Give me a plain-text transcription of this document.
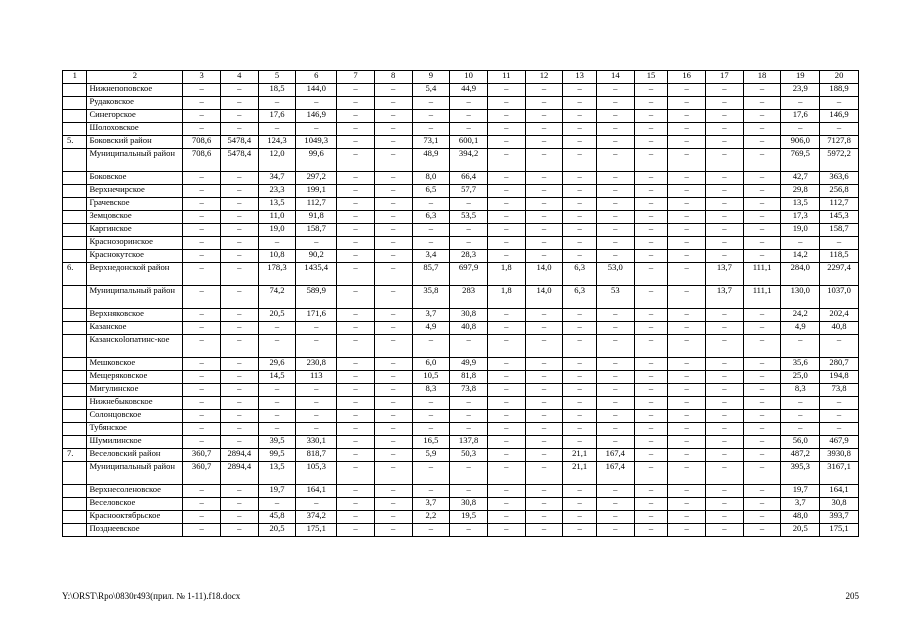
1	2	3	4	5	6	7	8	9	10	11	12	13	14	15	16	17	18	19	20
	Нижнепоповское	–	–	18,5	144,0	–	–	5,4	44,9	–	–	–	–	–	–	–	–	23,9	188,9
	Рудаковское	–	–	–	–	–	–	–	–	–	–	–	–	–	–	–	–	–	–
	Синегорское	–	–	17,6	146,9	–	–	–	–	–	–	–	–	–	–	–	–	17,6	146,9
	Шолоховское	–	–	–	–	–	–	–	–	–	–	–	–	–	–	–	–	–	–
5.	Боковский район	708,6	5478,4	124,3	1049,3	–	–	73,1	600,1	–	–	–	–	–	–	–	–	906,0	7127,8
	Муниципальный район	708,6	5478,4	12,0	99,6	–	–	48,9	394,2	–	–	–	–	–	–	–	–	769,5	5972,2
	Боковское	–	–	34,7	297,2	–	–	8,0	66,4	–	–	–	–	–	–	–	–	42,7	363,6
	Верхнечирское	–	–	23,3	199,1	–	–	6,5	57,7	–	–	–	–	–	–	–	–	29,8	256,8
	Грачевское	–	–	13,5	112,7	–	–	–	–	–	–	–	–	–	–	–	–	13,5	112,7
	Земцовское	–	–	11,0	91,8	–	–	6,3	53,5	–	–	–	–	–	–	–	–	17,3	145,3
	Каргинское	–	–	19,0	158,7	–	–	–	–	–	–	–	–	–	–	–	–	19,0	158,7
	Краснозоринское	–	–	–	–	–	–	–	–	–	–	–	–	–	–	–	–	–	–
	Краснокутское	–	–	10,8	90,2	–	–	3,4	28,3	–	–	–	–	–	–	–	–	14,2	118,5
6.	Верхнедонской район	–	–	178,3	1435,4	–	–	85,7	697,9	1,8	14,0	6,3	53,0	–	–	13,7	111,1	284,0	2297,4
	Муниципальный район	–	–	74,2	589,9	–	–	35,8	283	1,8	14,0	6,3	53	–	–	13,7	111,1	130,0	1037,0
	Верхняковское	–	–	20,5	171,6	–	–	3,7	30,8	–	–	–	–	–	–	–	–	24,2	202,4
	Казанское	–	–	–	–	–	–	4,9	40,8	–	–	–	–	–	–	–	–	4,9	40,8
	Казанскolопатинс-кое	–	–	–	–	–	–	–	–	–	–	–	–	–	–	–	–	–	–
	Мешковское	–	–	29,6	230,8	–	–	6,0	49,9	–	–	–	–	–	–	–	–	35,6	280,7
	Мещеряковское	–	–	14,5	113	–	–	10,5	81,8	–	–	–	–	–	–	–	–	25,0	194,8
	Мигулинское	–	–	–	–	–	–	8,3	73,8	–	–	–	–	–	–	–	–	8,3	73,8
	Нижнебыковское	–	–	–	–	–	–	–	–	–	–	–	–	–	–	–	–	–	–
	Солонцовское	–	–	–	–	–	–	–	–	–	–	–	–	–	–	–	–	–	–
	Тубянское	–	–	–	–	–	–	–	–	–	–	–	–	–	–	–	–	–	–
	Шумилинское	–	–	39,5	330,1	–	–	16,5	137,8	–	–	–	–	–	–	–	–	56,0	467,9
7.	Веселовский район	360,7	2894,4	99,5	818,7	–	–	5,9	50,3	–	–	21,1	167,4	–	–	–	–	487,2	3930,8
	Муниципальный район	360,7	2894,4	13,5	105,3	–	–	–	–	–	–	21,1	167,4	–	–	–	–	395,3	3167,1
	Верхнесоленовское	–	–	19,7	164,1	–	–	–	–	–	–	–	–	–	–	–	–	19,7	164,1
	Веселовское	–	–	–	–	–	–	3,7	30,8	–	–	–	–	–	–	–	–	3,7	30,8
	Краснооктябрьское	–	–	45,8	374,2	–	–	2,2	19,5	–	–	–	–	–	–	–	–	48,0	393,7
	Позднеевское	–	–	20,5	175,1	–	–	–	–	–	–	–	–	–	–	–	–	20,5	175,1
Y:\ORST\Rpo\0830r493(прил. № 1-11).f18.docx	205
